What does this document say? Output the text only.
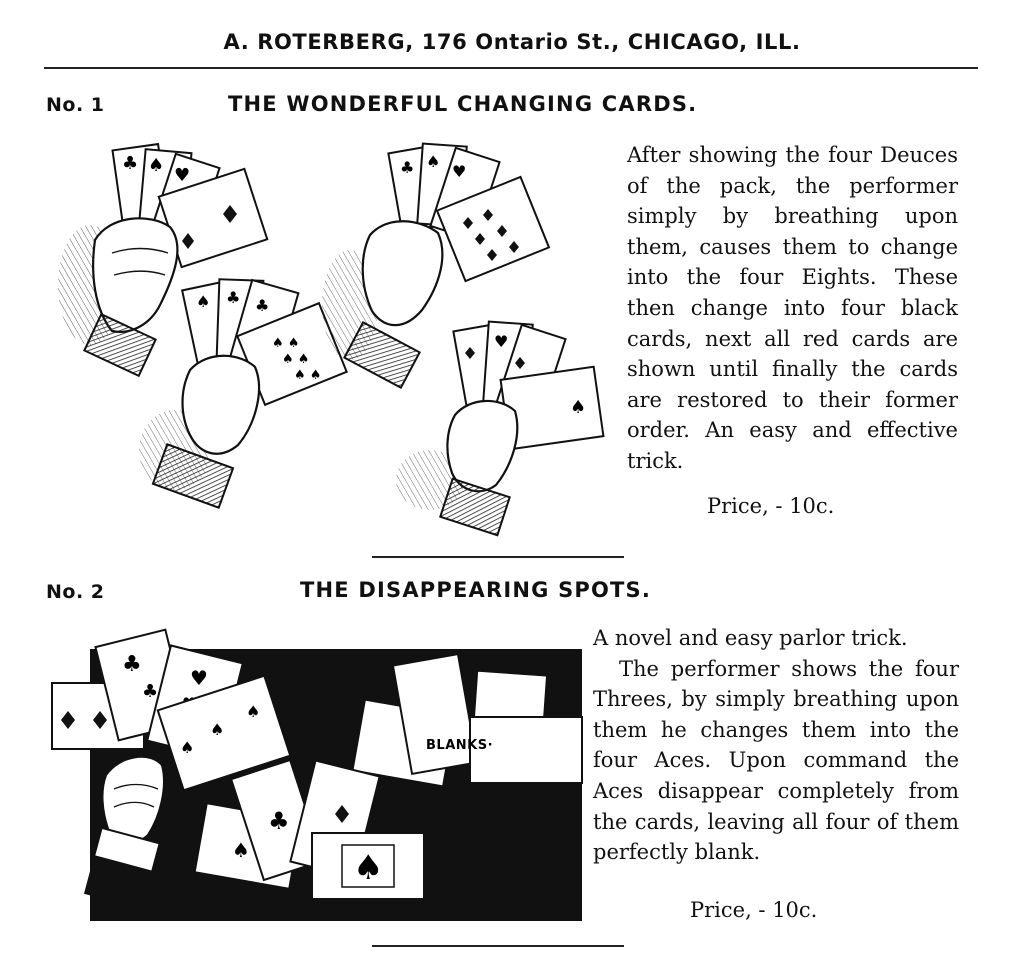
A. ROTERBERG, 176 Ontario St., CHICAGO, ILL.
No. 1	THE WONDERFUL CHANGING CARDS.
♣ ♠ ♥
♠ ♣ ♣
♠ ♠
♠ ♠
♠ ♠
♣ ♠
♥
♥
♠
After showing the four Deuces of the pack, the performer simply by breathing upon them, causes them to change into the four Eights. These then change into four black cards, next all red cards are shown until finally the cards are restored to their former order. An easy and effective trick.
Price, - 10c.
No. 2	THE DISAPPEARING SPOTS.
♣
♣
♥
♠
♠
♠	BLANKS·
♠
♣
♠

A novel and easy parlor trick.

The performer shows the four Threes, by simply breathing upon them he changes them into the four Aces. Upon command the Aces disappear completely from the cards, leaving all four of them perfectly blank.

Price, - 10c.
